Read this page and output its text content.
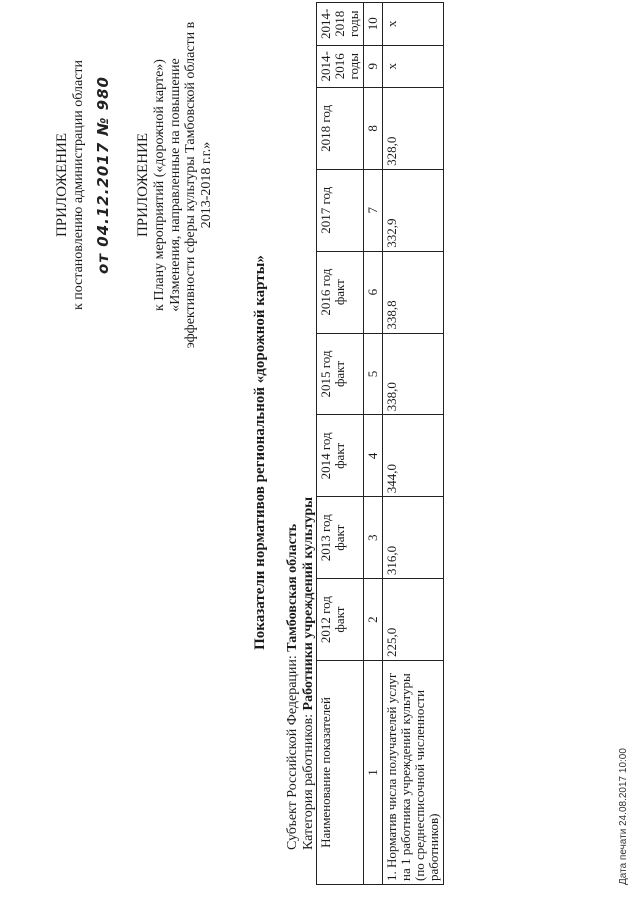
ПРИЛОЖЕНИЕ к постановлению администрации области от 04.12.2017 № 980 ПРИЛОЖЕНИЕ к Плану мероприятий («дорожной карте») «Изменения, направленные на повышение эффективности сферы культуры Тамбовской области в 2013-2018 г.г.»
Показатели нормативов региональной «дорожной карты»
Субъект Российской Федерации: Тамбовская область
Категория работников: Работники учреждений культуры
Наименование показателей	2012 год факт	2013 год факт	2014 год факт	2015 год факт	2016 год факт	2017 год	2018 год	2014-2016 годы	2014-2018 годы
1	2	3	4	5	6	7	8	9	10
1. Норматив числа получателей услуг на 1 работника учреждений культуры (по среднесписочной численности работников)	225,0	316,0	344,0	338,0	338,8	332,9	328,0	х	х
Дата печати 24.08.2017 10:00
